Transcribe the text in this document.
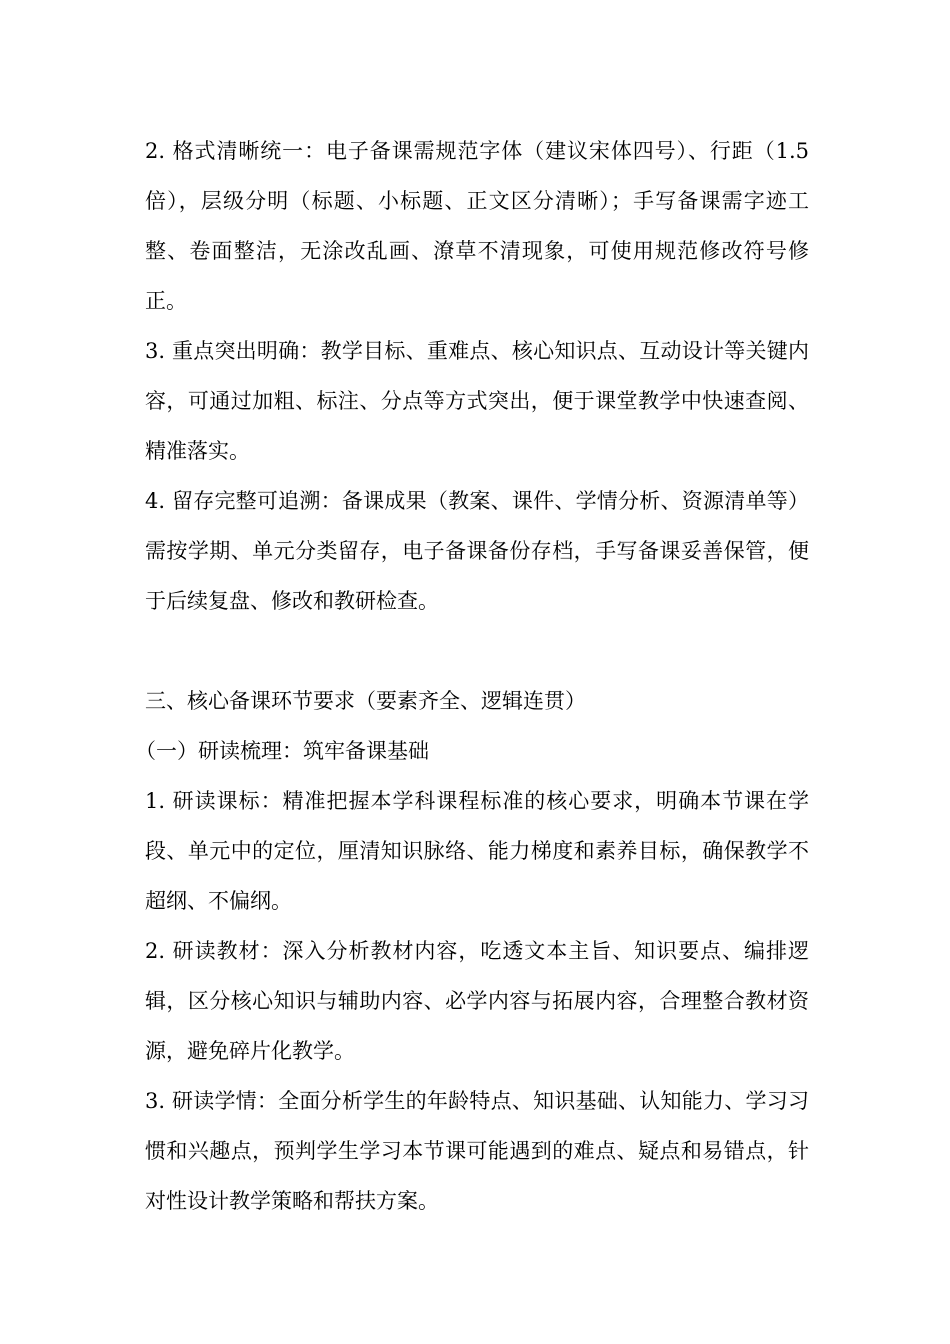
2. 格式清晰统一：电子备课需规范字体（建议宋体四号）、行距（1.5 倍），层级分明（标题、小标题、正文区分清晰）；手写备课需字迹工整、卷面整洁，无涂改乱画、潦草不清现象，可使用规范修改符号修正。

3. 重点突出明确：教学目标、重难点、核心知识点、互动设计等关键内容，可通过加粗、标注、分点等方式突出，便于课堂教学中快速查阅、精准落实。

4. 留存完整可追溯：备课成果（教案、课件、学情分析、资源清单等）需按学期、单元分类留存，电子备课备份存档，手写备课妥善保管，便于后续复盘、修改和教研检查。

三、核心备课环节要求（要素齐全、逻辑连贯）

（一）研读梳理：筑牢备课基础

1. 研读课标：精准把握本学科课程标准的核心要求，明确本节课在学段、单元中的定位，厘清知识脉络、能力梯度和素养目标，确保教学不超纲、不偏纲。

2. 研读教材：深入分析教材内容，吃透文本主旨、知识要点、编排逻辑，区分核心知识与辅助内容、必学内容与拓展内容，合理整合教材资源，避免碎片化教学。

3. 研读学情：全面分析学生的年龄特点、知识基础、认知能力、学习习惯和兴趣点，预判学生学习本节课可能遇到的难点、疑点和易错点，针对性设计教学策略和帮扶方案。
